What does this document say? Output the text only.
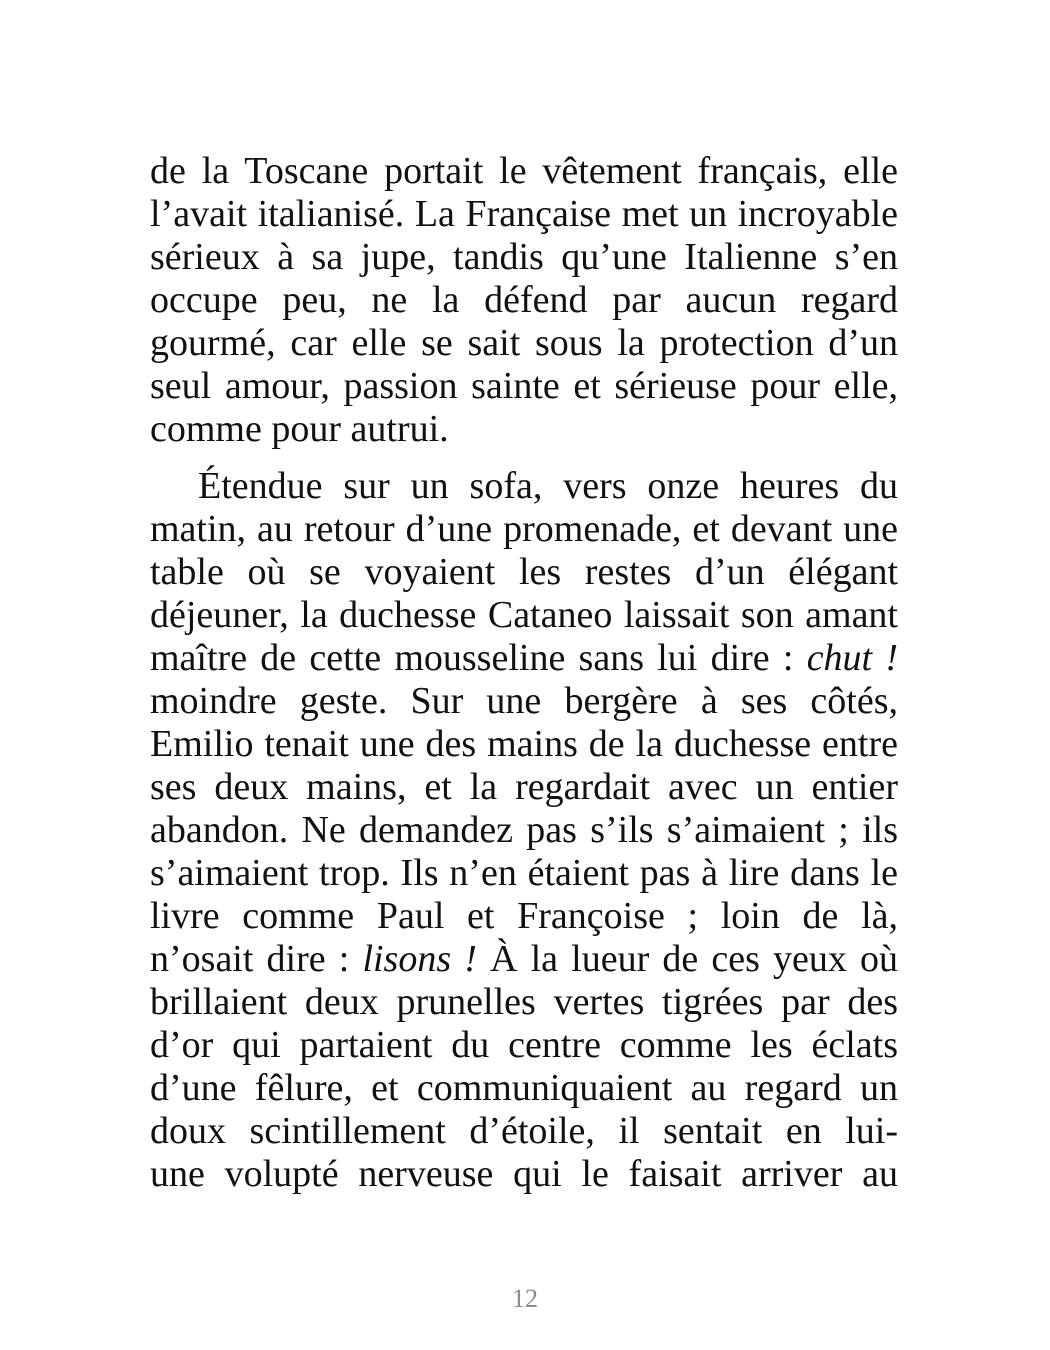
de la Toscane portait le vêtement français, elle
l’avait italianisé. La Française met un incroyable
sérieux à sa jupe, tandis qu’une Italienne s’en
occupe peu, ne la défend par aucun regard
gourmé, car elle se sait sous la protection d’un
seul amour, passion sainte et sérieuse pour elle,
comme pour autrui.
Étendue sur un sofa, vers onze heures du
matin, au retour d’une promenade, et devant une
table où se voyaient les restes d’un élégant
déjeuner, la duchesse Cataneo laissait son amant
maître de cette mousseline sans lui dire : chut !
moindre geste. Sur une bergère à ses côtés,
Emilio tenait une des mains de la duchesse entre
ses deux mains, et la regardait avec un entier
abandon. Ne demandez pas s’ils s’aimaient ; ils
s’aimaient trop. Ils n’en étaient pas à lire dans le
livre comme Paul et Françoise ; loin de là,
n’osait dire : lisons ! À la lueur de ces yeux où
brillaient deux prunelles vertes tigrées par des
d’or qui partaient du centre comme les éclats
d’une fêlure, et communiquaient au regard un
doux scintillement d’étoile, il sentait en lui-
une volupté nerveuse qui le faisait arriver au
12
